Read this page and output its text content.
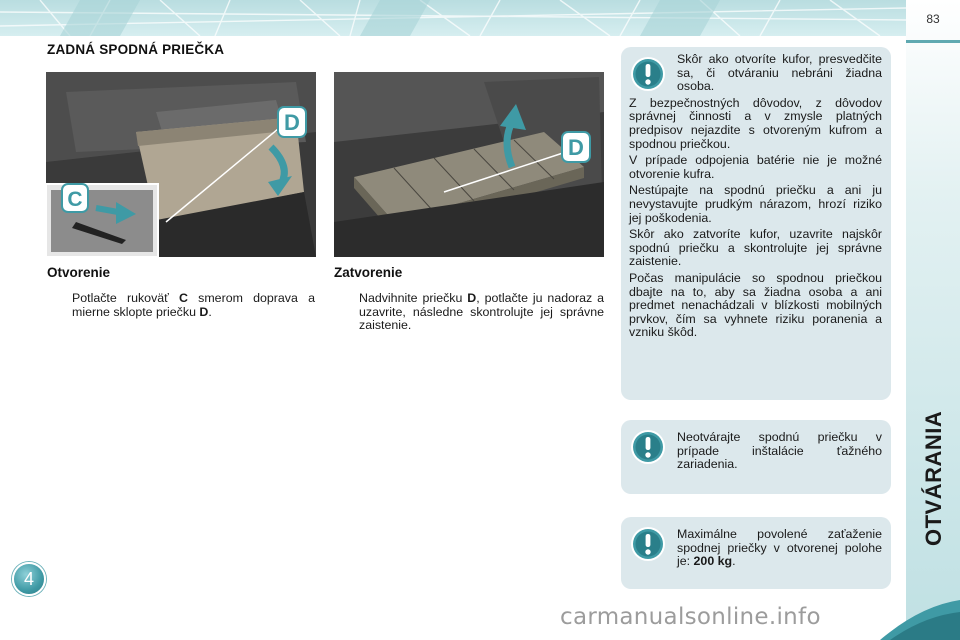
83
OTVÁRANIA
4
ZADNÁ SPODNÁ PRIEČKA
D
C
D
Otvorenie
Potlačte rukoväť C smerom doprava a mierne sklopte priečku D.
Zatvorenie
Nadvihnite priečku D, potlačte ju nadoraz a uzavrite, následne skontrolujte jej správne zaistenie.

Skôr ako otvoríte kufor, presvedčite sa, či otváraniu nebráni žiadna osoba.

Z bezpečnostných dôvodov, z dôvodov správnej činnosti a v zmysle platných predpisov nejazdite s otvoreným kufrom a spodnou priečkou.

V prípade odpojenia batérie nie je možné otvorenie kufra.

Nestúpajte na spodnú priečku a ani ju nevystavujte prudkým nárazom, hrozí riziko jej poškodenia.

Skôr ako zatvoríte kufor, uzavrite najskôr spodnú priečku a skontrolujte jej správne zaistenie.

Počas manipulácie so spodnou priečkou dbajte na to, aby sa žiadna osoba a ani predmet nenachádzali v blízkosti mobilných prvkov, čím sa vyhnete riziku poranenia a vzniku škôd.

Neotvárajte spodnú priečku v prípade inštalácie ťažného zariadenia.

Maximálne povolené zaťaženie spodnej priečky v otvorenej polohe je: 200 kg.

carmanualsonline.info
